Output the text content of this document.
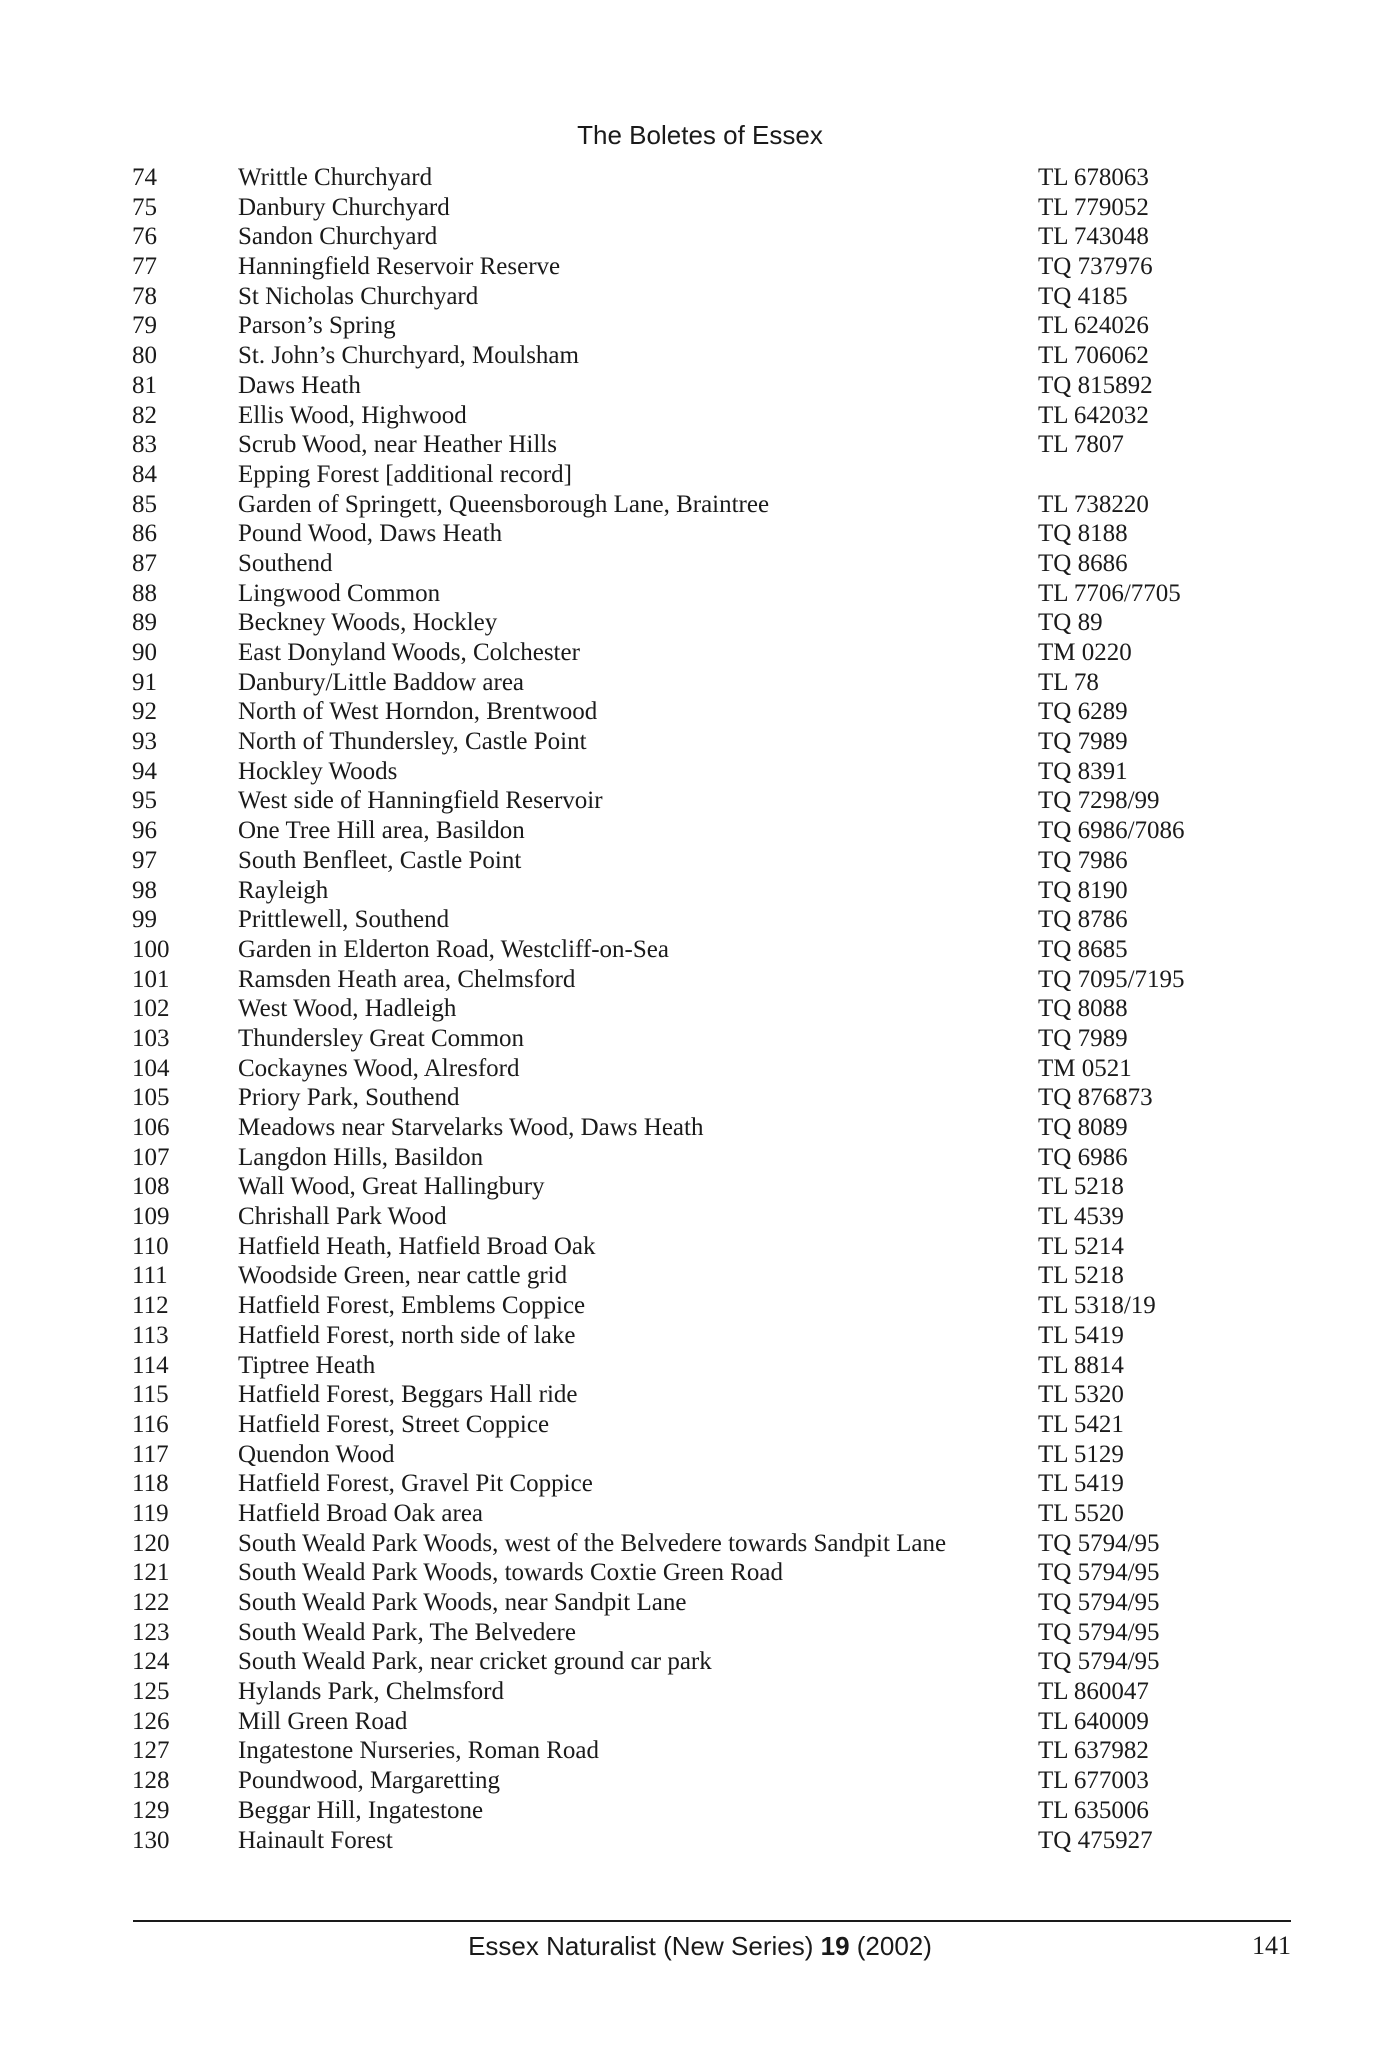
The Boletes of Essex
74	Writtle Churchyard	TL 678063
75	Danbury Churchyard	TL 779052
76	Sandon Churchyard	TL 743048
77	Hanningfield Reservoir Reserve	TQ 737976
78	St Nicholas Churchyard	TQ 4185
79	Parson’s Spring	TL 624026
80	St. John’s Churchyard, Moulsham	TL 706062
81	Daws Heath	TQ 815892
82	Ellis Wood, Highwood	TL 642032
83	Scrub Wood, near Heather Hills	TL 7807
84	Epping Forest [additional record]
85	Garden of Springett, Queensborough Lane, Braintree	TL 738220
86	Pound Wood, Daws Heath	TQ 8188
87	Southend	TQ 8686
88	Lingwood Common	TL 7706/7705
89	Beckney Woods, Hockley	TQ 89
90	East Donyland Woods, Colchester	TM 0220
91	Danbury/Little Baddow area	TL 78
92	North of West Horndon, Brentwood	TQ 6289
93	North of Thundersley, Castle Point	TQ 7989
94	Hockley Woods	TQ 8391
95	West side of Hanningfield Reservoir	TQ 7298/99
96	One Tree Hill area, Basildon	TQ 6986/7086
97	South Benfleet, Castle Point	TQ 7986
98	Rayleigh	TQ 8190
99	Prittlewell, Southend	TQ 8786
100	Garden in Elderton Road, Westcliff-on-Sea	TQ 8685
101	Ramsden Heath area, Chelmsford	TQ 7095/7195
102	West Wood, Hadleigh	TQ 8088
103	Thundersley Great Common	TQ 7989
104	Cockaynes Wood, Alresford	TM 0521
105	Priory Park, Southend	TQ 876873
106	Meadows near Starvelarks Wood, Daws Heath	TQ 8089
107	Langdon Hills, Basildon	TQ 6986
108	Wall Wood, Great Hallingbury	TL 5218
109	Chrishall Park Wood	TL 4539
110	Hatfield Heath, Hatfield Broad Oak	TL 5214
111	Woodside Green, near cattle grid	TL 5218
112	Hatfield Forest, Emblems Coppice	TL 5318/19
113	Hatfield Forest, north side of lake	TL 5419
114	Tiptree Heath	TL 8814
115	Hatfield Forest, Beggars Hall ride	TL 5320
116	Hatfield Forest, Street Coppice	TL 5421
117	Quendon Wood	TL 5129
118	Hatfield Forest, Gravel Pit Coppice	TL 5419
119	Hatfield Broad Oak area	TL 5520
120	South Weald Park Woods, west of the Belvedere towards Sandpit Lane	TQ 5794/95
121	South Weald Park Woods, towards Coxtie Green Road	TQ 5794/95
122	South Weald Park Woods, near Sandpit Lane	TQ 5794/95
123	South Weald Park, The Belvedere	TQ 5794/95
124	South Weald Park, near cricket ground car park	TQ 5794/95
125	Hylands Park, Chelmsford	TL 860047
126	Mill Green Road	TL 640009
127	Ingatestone Nurseries, Roman Road	TL 637982
128	Poundwood, Margaretting	TL 677003
129	Beggar Hill, Ingatestone	TL 635006
130	Hainault Forest	TQ 475927
Essex Naturalist (New Series) 19 (2002)	141
